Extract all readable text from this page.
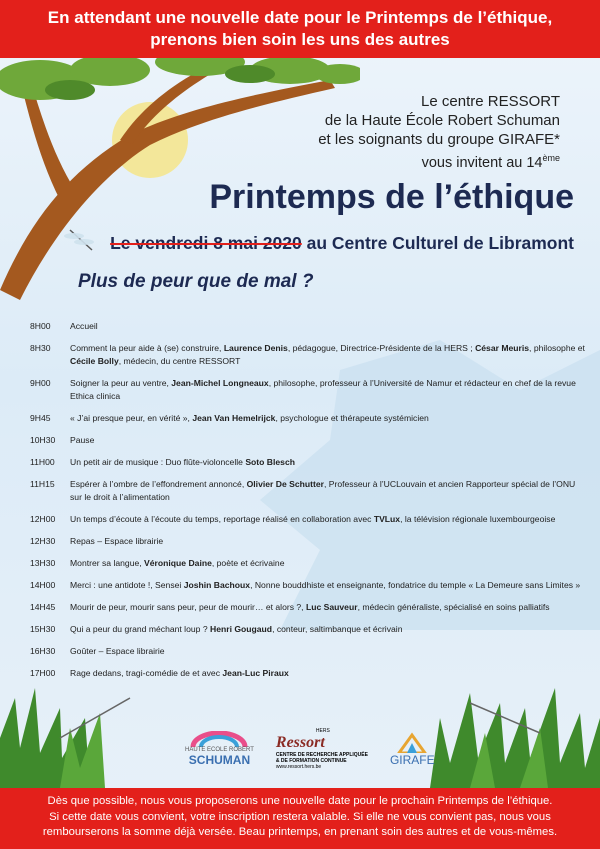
En attendant une nouvelle date pour le Printemps de l’éthique,
prenons bien soin les uns des autres
Le centre RESSORT
de la Haute École Robert Schuman
et les soignants du groupe GIRAFE*
vous invitent au 14ème
Printemps de l’éthique
Le vendredi 8 mai 2020 au Centre Culturel de Libramont
Plus de peur que de mal ?
8H00	Accueil
8H30	Comment la peur aide à (se) construire, Laurence Denis, pédagogue, Directrice-Présidente de la HERS ; César Meuris, philosophe et Cécile Bolly, médecin, du centre RESSORT
9H00	Soigner la peur au ventre, Jean-Michel Longneaux, philosophe, professeur à l’Université de Namur et rédacteur en chef de la revue Ethica clinica
9H45	« J’ai presque peur, en vérité », Jean Van Hemelrijck, psychologue et thérapeute systémicien
10H30	Pause
11H00	Un petit air de musique : Duo flûte-violoncelle Soto Blesch
11H15	Espérer à l’ombre de l’effondrement annoncé, Olivier De Schutter, Professeur à l’UCLouvain et ancien Rapporteur spécial de l’ONU sur le droit à l’alimentation
12H00	Un temps d’écoute à l’écoute du temps, reportage réalisé en collaboration avec TVLux, la télévision régionale luxembourgeoise
12H30	Repas – Espace librairie
13H30	Montrer sa langue, Véronique Daine, poète et écrivaine
14H00	Merci : une antidote !, Sensei Joshin Bachoux, Nonne bouddhiste et enseignante, fondatrice du temple « La Demeure sans Limites »
14H45	Mourir de peur, mourir sans peur, peur de mourir… et alors ?, Luc Sauveur, médecin généraliste, spécialisé en soins palliatifs
15H30	Qui a peur du grand méchant loup ? Henri Gougaud, conteur, saltimbanque et écrivain
16H30	Goûter – Espace librairie
17H00	Rage dedans, tragi-comédie de et avec Jean-Luc Piraux
HAUTE ECOLE ROBERT
SCHUMAN
HERS
Ressort
CENTRE DE RECHERCHE APPLIQUÉE
& DE FORMATION CONTINUE
www.ressort.hers.be	GIRAFE
Dès que possible, nous vous proposerons une nouvelle date pour le prochain Printemps de l’éthique.
Si cette date vous convient, votre inscription restera valable. Si elle ne vous convient pas, nous vous
rembourserons la somme déjà versée. Beau printemps, en prenant soin des autres et de vous-mêmes.
